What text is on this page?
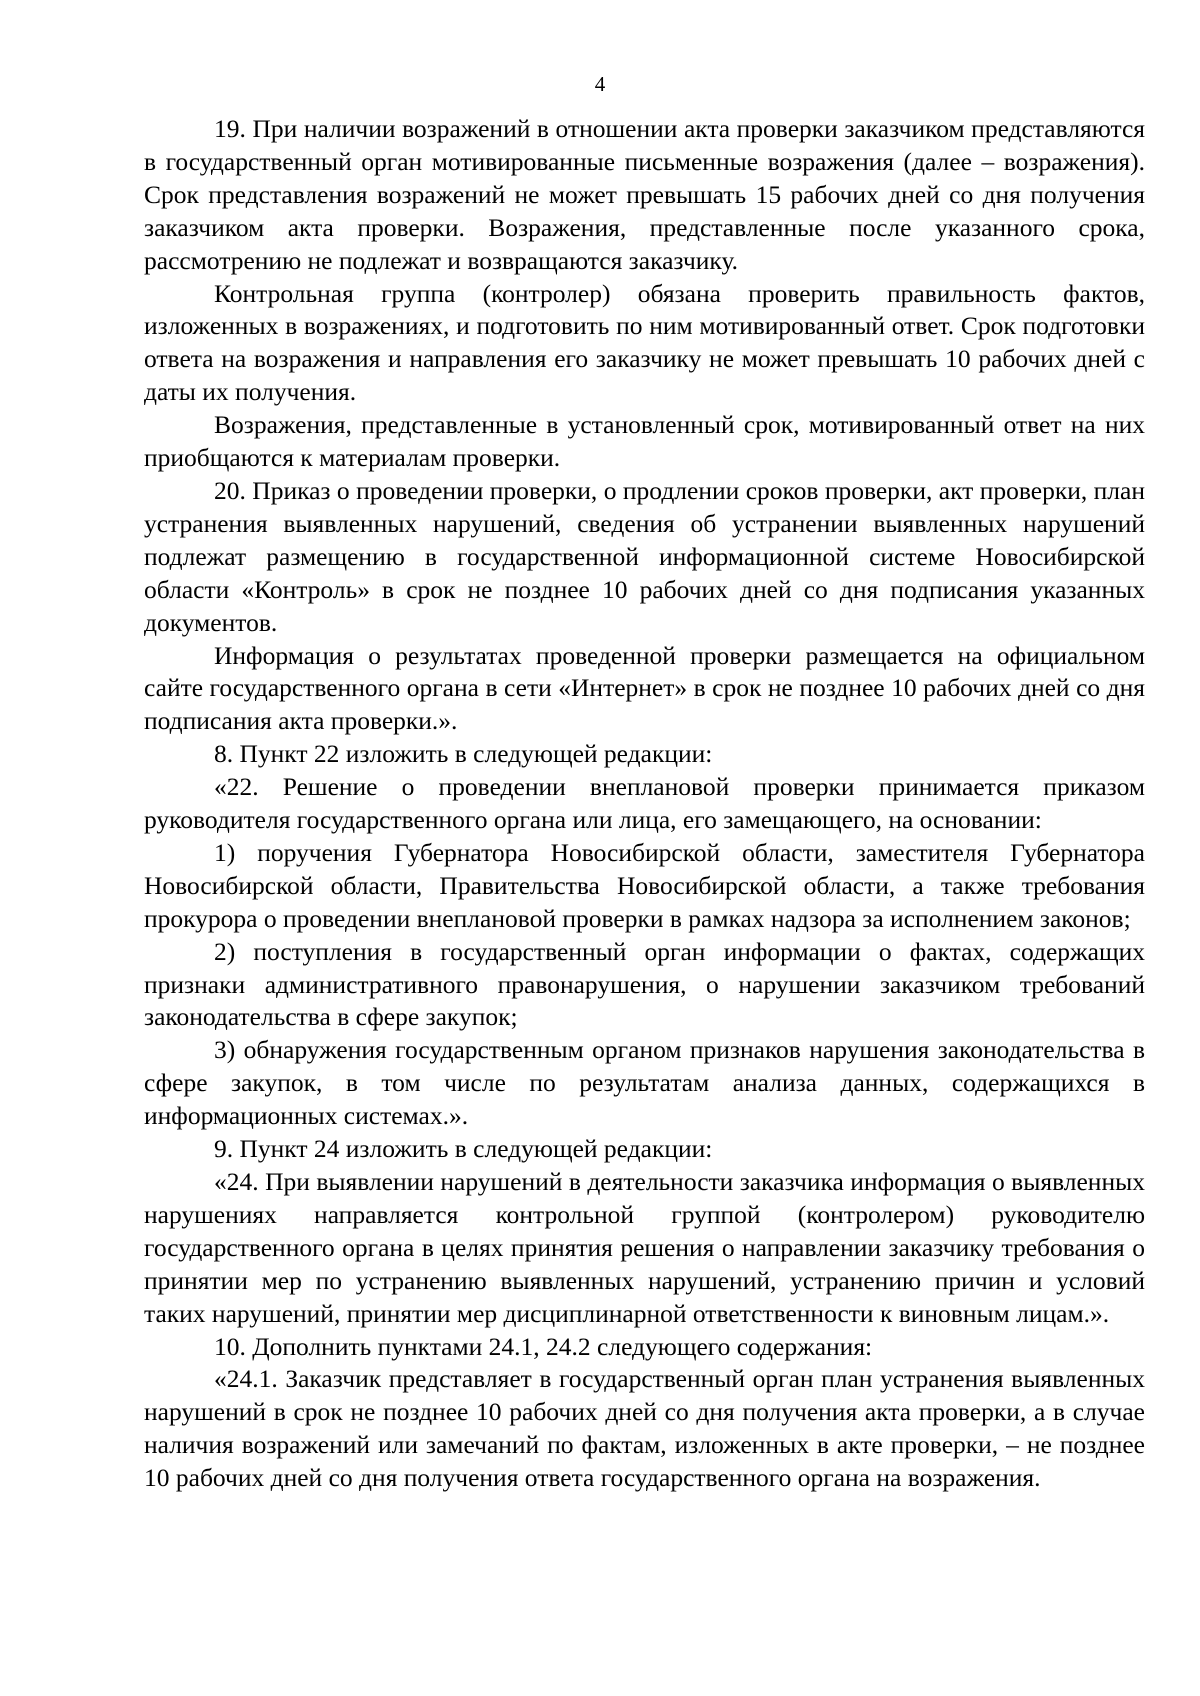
4

19. При наличии возражений в отношении акта проверки заказчиком представляются в государственный орган мотивированные письменные возражения (далее – возражения). Срок представления возражений не может превышать 15 рабочих дней со дня получения заказчиком акта проверки. Возражения, представленные после указанного срока, рассмотрению не подлежат и возвращаются заказчику.

Контрольная группа (контролер) обязана проверить правильность фактов, изложенных в возражениях, и подготовить по ним мотивированный ответ. Срок подготовки ответа на возражения и направления его заказчику не может превышать 10 рабочих дней с даты их получения.

Возражения, представленные в установленный срок, мотивированный ответ на них приобщаются к материалам проверки.

20. Приказ о проведении проверки, о продлении сроков проверки, акт проверки, план устранения выявленных нарушений, сведения об устранении выявленных нарушений подлежат размещению в государственной информационной системе Новосибирской области «Контроль» в срок не позднее 10 рабочих дней со дня подписания указанных документов.

Информация о результатах проведенной проверки размещается на официальном сайте государственного органа в сети «Интернет» в срок не позднее 10 рабочих дней со дня подписания акта проверки.».

8. Пункт 22 изложить в следующей редакции:

«22. Решение о проведении внеплановой проверки принимается приказом руководителя государственного органа или лица, его замещающего, на основании:

1) поручения Губернатора Новосибирской области, заместителя Губернатора Новосибирской области, Правительства Новосибирской области, а также требования прокурора о проведении внеплановой проверки в рамках надзора за исполнением законов;

2) поступления в государственный орган информации о фактах, содержащих признаки административного правонарушения, о нарушении заказчиком требований законодательства в сфере закупок;

3) обнаружения государственным органом признаков нарушения законодательства в сфере закупок, в том числе по результатам анализа данных, содержащихся в информационных системах.».

9. Пункт 24 изложить в следующей редакции:

«24. При выявлении нарушений в деятельности заказчика информация о выявленных нарушениях направляется контрольной группой (контролером) руководителю государственного органа в целях принятия решения о направлении заказчику требования о принятии мер по устранению выявленных нарушений, устранению причин и условий таких нарушений, принятии мер дисциплинарной ответственности к виновным лицам.».

10. Дополнить пунктами 24.1, 24.2 следующего содержания:

«24.1. Заказчик представляет в государственный орган план устранения выявленных нарушений в срок не позднее 10 рабочих дней со дня получения акта проверки, а в случае наличия возражений или замечаний по фактам, изложенных в акте проверки, – не позднее 10 рабочих дней со дня получения ответа государственного органа на возражения.
